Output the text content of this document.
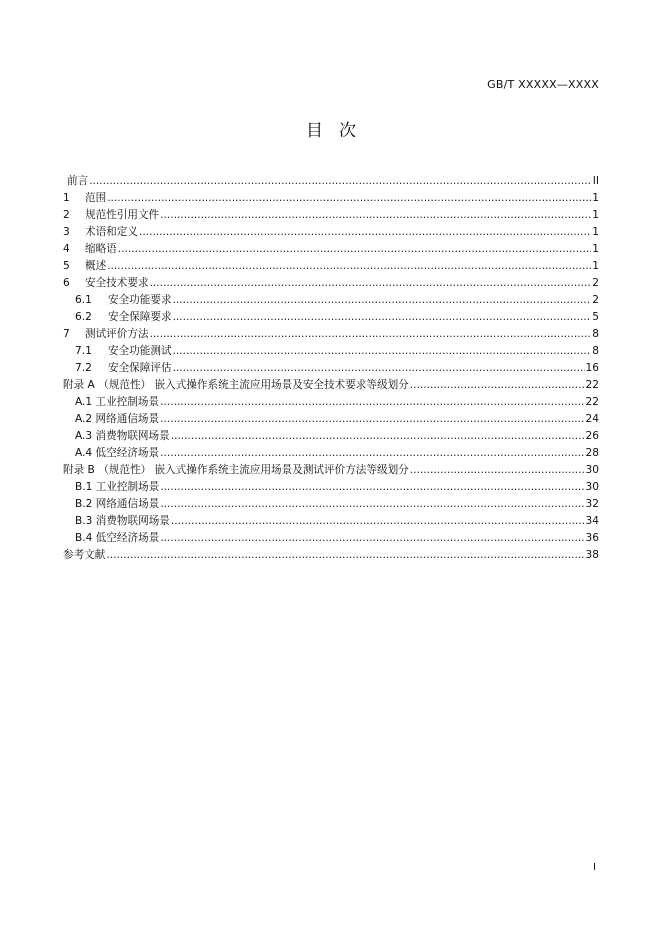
GB/T XXXXX—XXXX
目次
前言 .....	II
1	范围 .....	1
2	规范性引用文件 .....	1
3	术语和定义 .....	1
4	缩略语 .....	1
5	概述 .....	1
6	安全技术要求 .....	2
6.1	安全功能要求 .....	2
6.2	安全保障要求 .....	5
7	测试评价方法 .....	8
7.1	安全功能测试 .....	8
7.2	安全保障评估 .....	16
附录 A （规范性） 嵌入式操作系统主流应用场景及安全技术要求等级划分 .....	22
A.1 工业控制场景 .....	22
A.2 网络通信场景 .....	24
A.3 消费物联网场景 .....	26
A.4 低空经济场景 .....	28
附录 B （规范性） 嵌入式操作系统主流应用场景及测试评价方法等级划分 .....	30
B.1 工业控制场景 .....	30
B.2 网络通信场景 .....	32
B.3 消费物联网场景 .....	34
B.4 低空经济场景 .....	36
参考文献 .....	38
I
